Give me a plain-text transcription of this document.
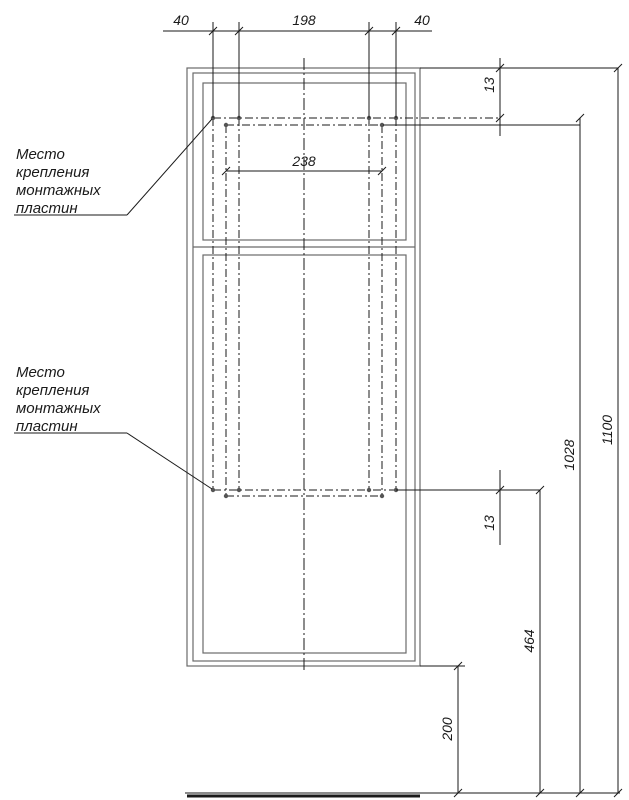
40	198	40
238
13
13
200
464
1028
1100
Место
крепления
монтажных
пластин
Место
крепления
монтажных
пластин
